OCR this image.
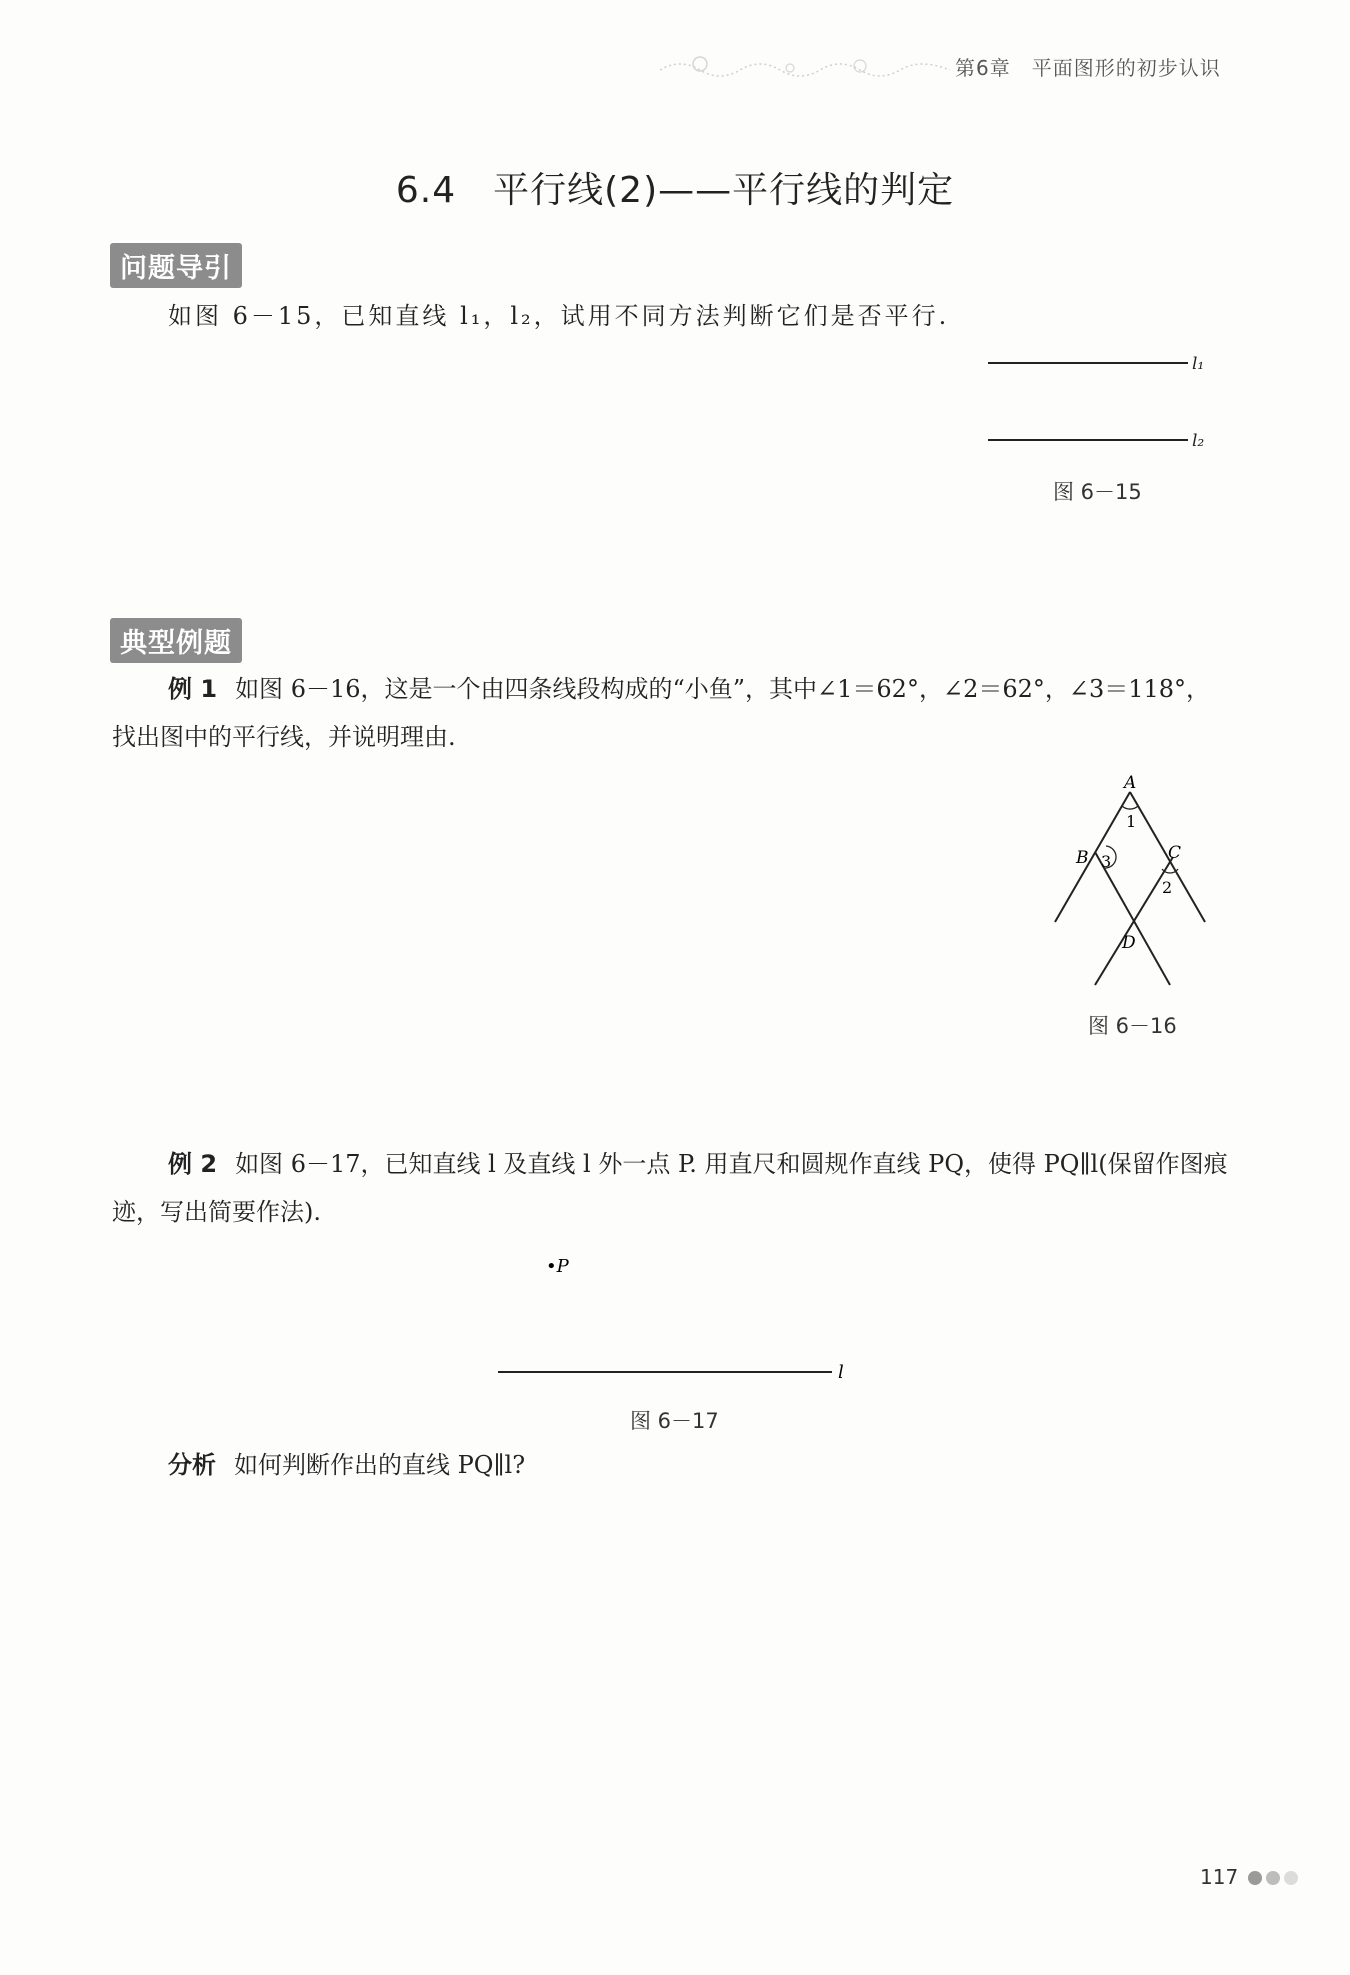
第6章　平面图形的初步认识
6.4　平行线(2)——平行线的判定
问题导引
如图 6－15，已知直线 l₁，l₂，试用不同方法判断它们是否平行.
l₁
l₂
图 6－15
典型例题
例 1 如图 6－16，这是一个由四条线段构成的“小鱼”，其中∠1＝62°，∠2＝62°，∠3＝118°，找出图中的平行线，并说明理由.
A
1
B 3	C
2
D
图 6－16
例 2 如图 6－17，已知直线 l 及直线 l 外一点 P. 用直尺和圆规作直线 PQ，使得 PQ∥l(保留作图痕迹，写出简要作法).
•P
l
图 6－17
分析 如何判断作出的直线 PQ∥l?
117
